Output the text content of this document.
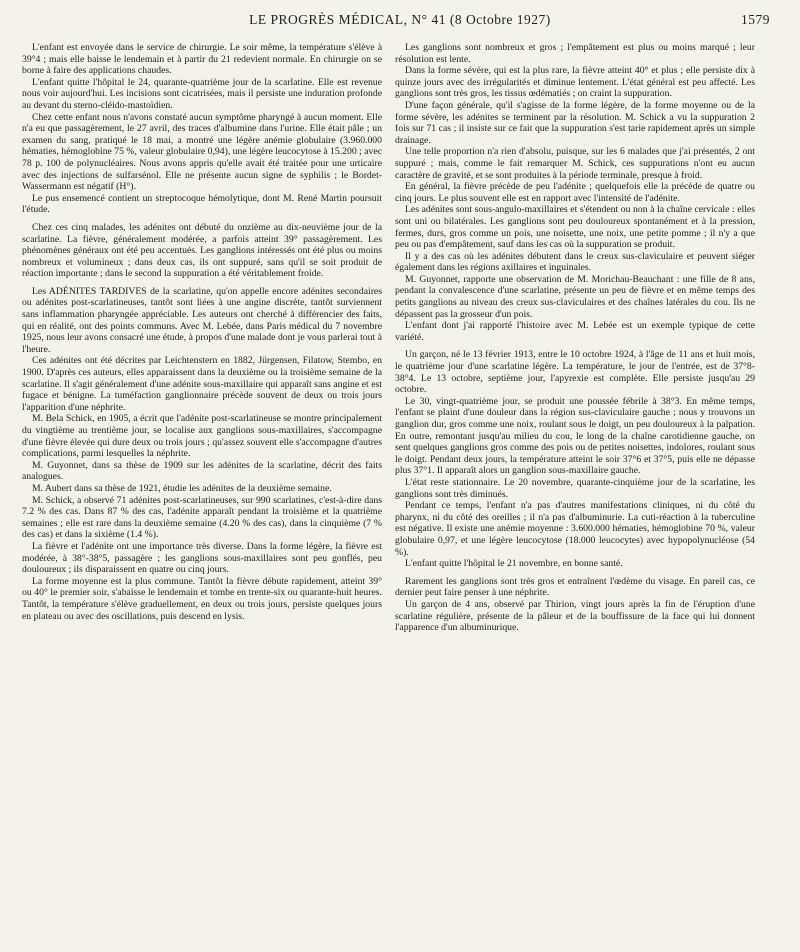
LE PROGRÈS MÉDICAL, N° 41 (8 Octobre 1927)	1579

L'enfant est envoyée dans le service de chirurgie. Le soir même, la température s'élève à 39°4 ; mais elle baisse le lendemain et à partir du 21 redevient normale. En chirurgie on se borne à faire des applications chaudes.

L'enfant quitte l'hôpital le 24, quarante-quatrième jour de la scarlatine. Elle est revenue nous voir aujourd'hui. Les incisions sont cicatrisées, mais il persiste une induration profonde au devant du sterno-cléido-mastoïdien.

Chez cette enfant nous n'avons constaté aucun symptôme pharyngé à aucun moment. Elle n'a eu que passagèrement, le 27 avril, des traces d'albumine dans l'urine. Elle était pâle ; un examen du sang, pratiqué le 18 mai, a montré une légère anémie globulaire (3.960.000 hématies, hémoglobine 75 %, valeur globulaire 0,94), une légère leucocytose à 15.200 ; avec 78 p. 100 de polynucléaires. Nous avons appris qu'elle avait été traitée pour une urticaire avec des injections de sulfarsénol. Elle ne présente aucun signe de syphilis ; le Bordet-Wassermann est négatif (H°).

Le pus ensemencé contient un streptocoque hémolytique, dont M. René Martin poursuit l'étude.

Chez ces cinq malades, les adénites ont débuté du onzième au dix-neuvième jour de la scarlatine. La fièvre, généralement modérée, a parfois atteint 39° passagèrement. Les phénomènes généraux ont été peu accentués. Les ganglions intéressés ont été plus ou moins nombreux et volumineux ; dans deux cas, ils ont suppuré, sans qu'il se soit produit de réaction importante ; dans le second la suppuration a été véritablement froide.

Les ADÉNITES TARDIVES de la scarlatine, qu'on appelle encore adénites secondaires ou adénites post-scarlatineuses, tantôt sont liées à une angine discrète, tantôt surviennent sans inflammation pharyngée appréciable. Les auteurs ont cherché à différencier des faits, qui en réalité, ont des points communs. Avec M. Lebée, dans Paris médical du 7 novembre 1925, nous leur avons consacré une étude, à propos d'une malade dont je vous parlerai tout à l'heure.

Ces adénites ont été décrites par Leichtenstern en 1882, Jürgensen, Filatow, Stembo, en 1900. D'après ces auteurs, elles apparaissent dans la deuxième ou la troisième semaine de la scarlatine. Il s'agit généralement d'une adénite sous-maxillaire qui apparaît sans angine et est fugace et bénigne. La tuméfaction ganglionnaire précède souvent de deux ou trois jours l'apparition d'une néphrite.

M. Bela Schick, en 1905, a écrit que l'adénite post-scarlatineuse se montre principalement du vingtième au trentième jour, se localise aux ganglions sous-maxillaires, s'accompagne d'une fièvre élevée qui dure deux ou trois jours ; qu'assez souvent elle s'accompagne d'autres complications, parmi lesquelles la néphrite.

M. Guyonnet, dans sa thèse de 1909 sur les adénites de la scarlatine, décrit des faits analogues.

M. Aubert dans sa thèse de 1921, étudie les adénites de la deuxième semaine.

M. Schick, a observé 71 adénites post-scarlatineuses, sur 990 scarlatines, c'est-à-dire dans 7.2 % des cas. Dans 87 % des cas, l'adénite apparaît pendant la troisième et la quatrième semaines ; elle est rare dans la deuxième semaine (4.20 % des cas), dans la cinquième (7 % des cas) et dans la sixième (1.4 %).

La fièvre et l'adénite ont une importance très diverse. Dans la forme légère, la fièvre est modérée, à 38°-38°5, passagère ; les ganglions sous-maxillaires sont peu gonflés, peu douloureux ; ils disparaissent en quatre ou cinq jours.

La forme moyenne est la plus commune. Tantôt la fièvre débute rapidement, atteint 39° ou 40° le premier soir, s'abaisse le lendemain et tombe en trente-six ou quarante-huit heures. Tantôt, la température s'élève graduellement, en deux ou trois jours, persiste quelques jours en plateau ou avec des oscillations, puis descend en lysis.

Les ganglions sont nombreux et gros ; l'empâtement est plus ou moins marqué ; leur résolution est lente.

Dans la forme sévère, qui est la plus rare, la fièvre atteint 40° et plus ; elle persiste dix à quinze jours avec des irrégularités et diminue lentement. L'état général est peu affecté. Les ganglions sont très gros, les tissus œdématiés ; on craint la suppuration.

D'une façon générale, qu'il s'agisse de la forme légère, de la forme moyenne ou de la forme sévère, les adénites se terminent par la résolution. M. Schick a vu la suppuration 2 fois sur 71 cas ; il insiste sur ce fait que la suppuration s'est tarie rapidement après un simple drainage.

Une telle proportion n'a rien d'absolu, puisque, sur les 6 malades que j'ai présentés, 2 ont suppuré ; mais, comme le fait remarquer M. Schick, ces suppurations n'ont eu aucun caractère de gravité, et se sont produites à la période terminale, presque à froid.

En général, la fièvre précède de peu l'adénite ; quelquefois elle la précède de quatre ou cinq jours. Le plus souvent elle est en rapport avec l'intensité de l'adénite.

Les adénites sont sous-angulo-maxillaires et s'étendent ou non à la chaîne cervicale : elles sont uni ou bilatérales. Les ganglions sont peu douloureux spontanément et à la pression, fermes, durs, gros comme un pois, une noisette, une noix, une petite pomme ; il n'y a que peu ou pas d'empâtement, sauf dans les cas où la suppuration se produit.

Il y a des cas où les adénites débutent dans le creux sus-claviculaire et peuvent siéger également dans les régions axillaires et inguinales.

M. Guyonnet, rapporte une observation de M. Morichau-Beauchant : une fille de 8 ans, pendant la convalescence d'une scarlatine, présente un peu de fièvre et en même temps des petits ganglions au niveau des creux sus-claviculaires et des chaînes latérales du cou. Ils ne dépassent pas la grosseur d'un pois.

L'enfant dont j'ai rapporté l'histoire avec M. Lebée est un exemple typique de cette variété.

Un garçon, né le 13 février 1913, entre le 10 octobre 1924, à l'âge de 11 ans et huit mois, le quatrième jour d'une scarlatine légère. La température, le jour de l'entrée, est de 37°8-38°4. Le 13 octobre, septième jour, l'apyrexie est complète. Elle persiste jusqu'au 29 octobre.

Le 30, vingt-quatrième jour, se produit une poussée fébrile à 38°3. En même temps, l'enfant se plaint d'une douleur dans la région sus-claviculaire gauche ; nous y trouvons un ganglion dur, gros comme une noix, roulant sous le doigt, un peu douloureux à la palpation. En outre, remontant jusqu'au milieu du cou, le long de la chaîne carotidienne gauche, on sent quelques ganglions gros comme des pois ou de petites noisettes, indolores, roulant sous le doigt. Pendant deux jours, la température atteint le soir 37°6 et 37°5, puis elle ne dépasse plus 37°1. Il apparaît alors un ganglion sous-maxillaire gauche.

L'état reste stationnaire. Le 20 novembre, quarante-cinquième jour de la scarlatine, les ganglions sont très diminués.

Pendant ce temps, l'enfant n'a pas d'autres manifestations cliniques, ni du côté du pharynx, ni du côté des oreilles ; il n'a pas d'albuminurie. La cuti-réaction à la tuberculine est négative. Il existe une anémie moyenne : 3.600.000 hématies, hémoglobine 70 %, valeur globulaire 0,97, et une légère leucocytose (18.000 leucocytes) avec hypopolynucléose (54 %).

L'enfant quitte l'hôpital le 21 novembre, en bonne santé.

Rarement les ganglions sont très gros et entraînent l'œdème du visage. En pareil cas, ce dernier peut faire penser à une néphrite.

Un garçon de 4 ans, observé par Thirion, vingt jours après la fin de l'éruption d'une scarlatine régulière, présente de la pâleur et de la bouffissure de la face qui lui donnent l'apparence d'un albuminurique.
